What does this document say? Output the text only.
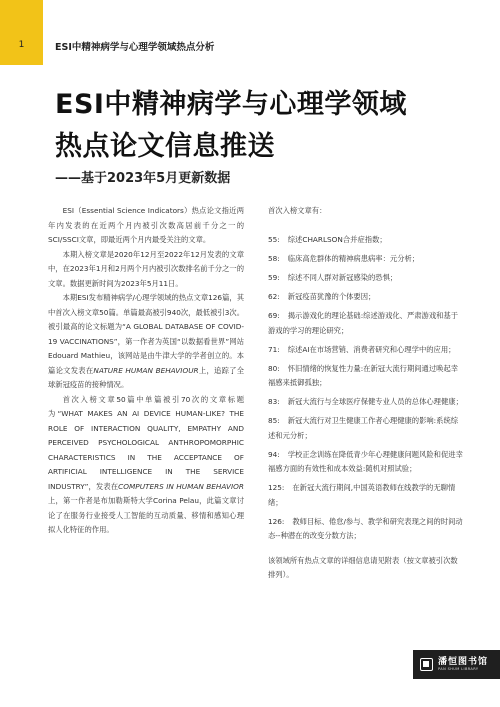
1	ESI中精神病学与心理学领域热点分析
ESI中精神病学与心理学领域
热点论文信息推送
——基于2023年5月更新数据

ESI（Essential Science Indicators）热点论文指近两年内发表的在近两个月内被引次数高居前千分之一的SCI/SSCI文章，即最近两个月内最受关注的文章。

本期入榜文章是2020年12月至2022年12月发表的文章中，在2023年1月和2月两个月内被引次数排名前千分之一的文章。数据更新时间为2023年5月11日。

本期ESI发布精神病学/心理学领域的热点文章126篇，其中首次入榜文章50篇。单篇最高被引940次，最低被引3次。被引最高的论文标题为“A GLOBAL DATABASE OF COVID-19 VACCINATIONS”，第一作者为英国“以数据看世界”网站Edouard Mathieu，该网站是由牛津大学的学者创立的。本篇论文发表在NATURE HUMAN BEHAVIOUR上，追踪了全球新冠疫苗的接种情况。

首次入榜文章50篇中单篇被引70次的文章标题为“WHAT MAKES AN AI DEVICE HUMAN-LIKE? THE ROLE OF INTERACTION QUALITY, EMPATHY AND PERCEIVED PSYCHOLOGICAL ANTHROPOMORPHIC CHARACTERISTICS IN THE ACCEPTANCE OF ARTIFICIAL INTELLIGENCE IN THE SERVICE INDUSTRY”，发表在COMPUTERS IN HUMAN BEHAVIOR上，第一作者是布加勒斯特大学Corina Pelau，此篇文章讨论了在服务行业接受人工智能的互动质量、移情和感知心理拟人化特征的作用。

首次入榜文章有：

55: 综述CHARLSON合并症指数；

58: 临床高危群体的精神病患病率：元分析；

59: 综述不同人群对新冠感染的恐惧；

62: 新冠疫苗犹豫的个体要因；

69: 揭示游戏化的理论基础:综述游戏化、严肃游戏和基于游戏的学习的理论研究；

71: 综述AI在市场营销、消费者研究和心理学中的应用；

80: 怀旧情绪的恢复性力量:在新冠大流行期间通过唤起幸福感来抵御孤独；

83: 新冠大流行与全球医疗保健专业人员的总体心理健康；

85: 新冠大流行对卫生健康工作者心理健康的影响:系统综述和元分析；

94: 学校正念训练在降低青少年心理健康问题风险和促进幸福感方面的有效性和成本效益:随机对照试验；

125: 在新冠大流行期间,中国英语教师在线教学的无聊情绪；

126: 教师目标、倦怠/参与、教学和研究表现之间的时间动态--种潜在的改变分数方法；

该领域所有热点文章的详细信息请见附表（按文章被引次数排列）。

潘恒图书馆
PAN SHUM LIBRARY
